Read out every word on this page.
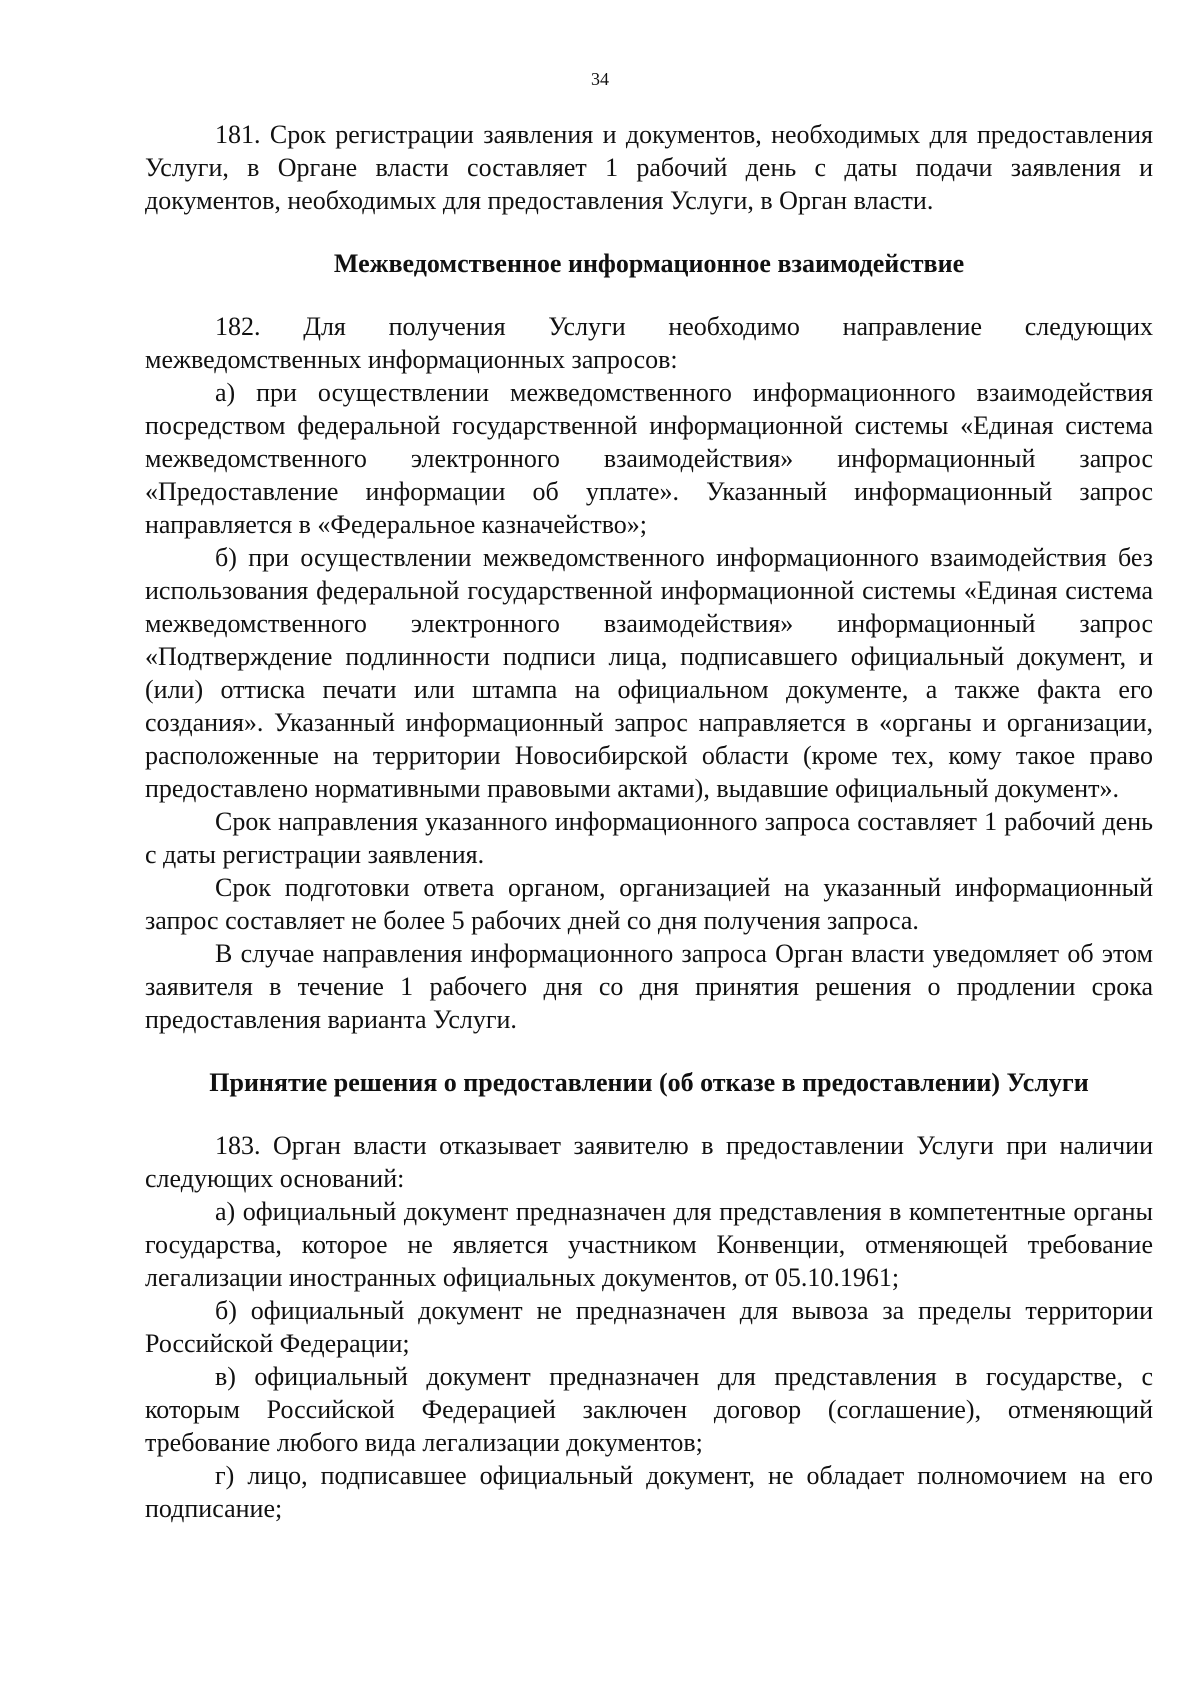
34

181. Срок регистрации заявления и документов, необходимых для предоставления Услуги, в Органе власти составляет 1 рабочий день с даты подачи заявления и документов, необходимых для предоставления Услуги, в Орган власти.

Межведомственное информационное взаимодействие

182. Для получения Услуги необходимо направление следующих межведомственных информационных запросов:

а) при осуществлении межведомственного информационного взаимодействия посредством федеральной государственной информационной системы «Единая система межведомственного электронного взаимодействия» информационный запрос «Предоставление информации об уплате». Указанный информационный запрос направляется в «Федеральное казначейство»;

б) при осуществлении межведомственного информационного взаимодействия без использования федеральной государственной информационной системы «Единая система межведомственного электронного взаимодействия» информационный запрос «Подтверждение подлинности подписи лица, подписавшего официальный документ, и (или) оттиска печати или штампа на официальном документе, а также факта его создания». Указанный информационный запрос направляется в «органы и организации, расположенные на территории Новосибирской области (кроме тех, кому такое право предоставлено нормативными правовыми актами), выдавшие официальный документ».

Срок направления указанного информационного запроса составляет 1 рабочий день с даты регистрации заявления.

Срок подготовки ответа органом, организацией на указанный информационный запрос составляет не более 5 рабочих дней со дня получения запроса.

В случае направления информационного запроса Орган власти уведомляет об этом заявителя в течение 1 рабочего дня со дня принятия решения о продлении срока предоставления варианта Услуги.

Принятие решения о предоставлении (об отказе в предоставлении) Услуги

183. Орган власти отказывает заявителю в предоставлении Услуги при наличии следующих оснований:

а) официальный документ предназначен для представления в компетентные органы государства, которое не является участником Конвенции, отменяющей требование легализации иностранных официальных документов, от 05.10.1961;

б) официальный документ не предназначен для вывоза за пределы территории Российской Федерации;

в) официальный документ предназначен для представления в государстве, с которым Российской Федерацией заключен договор (соглашение), отменяющий требование любого вида легализации документов;

г) лицо, подписавшее официальный документ, не обладает полномочием на его подписание;
